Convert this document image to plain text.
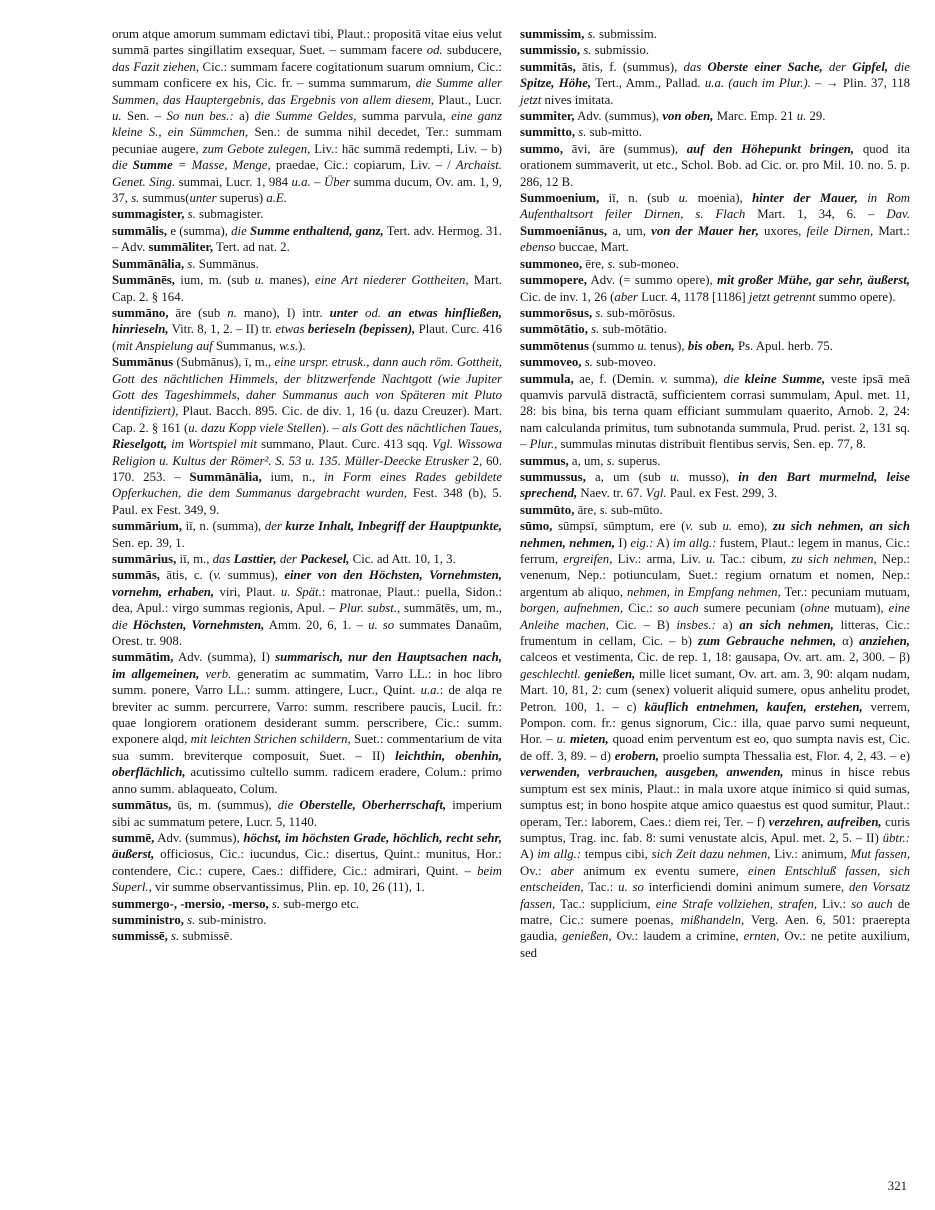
orum atque amorum summam edictavi tibi, Plaut.: propositā vitae eius velut summā partes singillatim exsequar, Suet. – summam facere od. subducere, das Fazit ziehen, Cic.: summam facere cogitationum suarum omnium, Cic.: summam conficere ex his, Cic. fr. – summa summarum, die Summe aller Summen, das Hauptergebnis, das Ergebnis von allem diesem, Plaut., Lucr. u. Sen. – So nun bes.: a) die Summe Geldes, summa parvula, eine ganz kleine S., ein Sümmchen, Sen.: de summa nihil decedet, Ter.: summam pecuniae augere, zum Gebote zulegen, Liv.: hāc summā redempti, Liv. – b) die Summe = Masse, Menge, praedae, Cic.: copiarum, Liv. – / Archaist. Genet. Sing. summai, Lucr. 1, 984 u.a. – Über summa ducum, Ov. am. 1, 9, 37, s. summus(unter superus) a.E.

summagister, s. submagister.

summālis, e (summa), die Summe enthaltend, ganz, Tert. adv. Hermog. 31. – Adv. summāliter, Tert. ad nat. 2.

Summānālia, s. Summānus.

Summānēs, ium, m. (sub u. manes), eine Art niederer Gottheiten, Mart. Cap. 2. § 164.

summāno, āre (sub n. mano), I) intr. unter od. an etwas hinfließen, hinrieseln, Vitr. 8, 1, 2. – II) tr. etwas berieseln (bepissen), Plaut. Curc. 416 (mit Anspielung auf Summanus, w.s.).

Summānus (Submānus), ī, m., eine urspr. etrusk., dann auch röm. Gottheit, Gott des nächtlichen Himmels, der blitzwerfende Nachtgott (wie Jupiter Gott des Tageshimmels, daher Summanus auch von Späteren mit Pluto identifiziert), Plaut. Bacch. 895. Cic. de div. 1, 16 (u. dazu Creuzer). Mart. Cap. 2. § 161 (u. dazu Kopp viele Stellen). – als Gott des nächtlichen Taues, Rieselgott, im Wortspiel mit summano, Plaut. Curc. 413 sqq. Vgl. Wissowa Religion u. Kultus der Römer². S. 53 u. 135. Müller-Deecke Etrusker 2, 60. 170. 253. – Summānālia, ium, n., in Form eines Rades gebildete Opferkuchen, die dem Summanus dargebracht wurden, Fest. 348 (b), 5. Paul. ex Fest. 349, 9.

summārium, iī, n. (summa), der kurze Inhalt, Inbegriff der Hauptpunkte, Sen. ep. 39, 1.

summārius, iī, m., das Lasttier, der Packesel, Cic. ad Att. 10, 1, 3.

summās, ātis, c. (v. summus), einer von den Höchsten, Vornehmsten, vornehm, erhaben, viri, Plaut. u. Spät.: matronae, Plaut.: puella, Sidon.: dea, Apul.: virgo summas regionis, Apul. – Plur. subst., summātēs, um, m., die Höchsten, Vornehmsten, Amm. 20, 6, 1. – u. so summates Danaûm, Orest. tr. 908.

summātim, Adv. (summa), I) summarisch, nur den Hauptsachen nach, im allgemeinen, verb. generatim ac summatim, Varro LL.: in hoc libro summ. ponere, Varro LL.: summ. attingere, Lucr., Quint. u.a.: de alqa re breviter ac summ. percurrere, Varro: summ. rescribere paucis, Lucil. fr.: quae longiorem orationem desiderant summ. perscribere, Cic.: summ. exponere alqd, mit leichten Strichen schildern, Suet.: commentarium de vita sua summ. breviterque composuit, Suet. – II) leichthin, obenhin, oberflächlich, acutissimo cultello summ. radicem eradere, Colum.: primo anno summ. ablaqueato, Colum.

summātus, ūs, m. (summus), die Oberstelle, Oberherrschaft, imperium sibi ac summatum petere, Lucr. 5, 1140.

summē, Adv. (summus), höchst, im höchsten Grade, höchlich, recht sehr, äußerst, officiosus, Cic.: iucundus, Cic.: disertus, Quint.: munitus, Hor.: contendere, Cic.: cupere, Caes.: diffidere, Cic.: admirari, Quint. – beim Superl., vir summe observantissimus, Plin. ep. 10, 26 (11), 1.

summergo-, -mersio, -merso, s. sub-mergo etc.

sumministro, s. sub-ministro.

summissē, s. submissē.

summissim, s. submissim.

summissio, s. submissio.

summitās, ātis, f. (summus), das Oberste einer Sache, der Gipfel, die Spitze, Höhe, Tert., Amm., Pallad. u.a. (auch im Plur.). – → Plin. 37, 118 jetzt nives imitata.

summiter, Adv. (summus), von oben, Marc. Emp. 21 u. 29.

summitto, s. sub-mitto.

summo, āvi, āre (summus), auf den Höhepunkt bringen, quod ita orationem summaverit, ut etc., Schol. Bob. ad Cic. or. pro Mil. 10. no. 5. p. 286, 12 B.

Summoenium, iī, n. (sub u. moenia), hinter der Mauer, in Rom Aufenthaltsort feiler Dirnen, s. Flach Mart. 1, 34, 6. – Dav. Summoeniānus, a, um, von der Mauer her, uxores, feile Dirnen, Mart.: ebenso buccae, Mart.

summoneo, ēre, s. sub-moneo.

summopere, Adv. (= summo opere), mit großer Mühe, gar sehr, äußerst, Cic. de inv. 1, 26 (aber Lucr. 4, 1178 [1186] jetzt getrennt summo opere).

summorōsus, s. sub-mōrōsus.

summōtātio, s. sub-mōtātio.

summōtenus (summo u. tenus), bis oben, Ps. Apul. herb. 75.

summoveo, s. sub-moveo.

summula, ae, f. (Demin. v. summa), die kleine Summe, veste ipsā meā quamvis parvulā distractā, sufficientem corrasi summulam, Apul. met. 11, 28: bis bina, bis terna quam efficiant summulam quaerito, Arnob. 2, 24: nam calculanda primitus, tum subnotanda summula, Prud. perist. 2, 131 sq. – Plur., summulas minutas distribuit flentibus servis, Sen. ep. 77, 8.

summus, a, um, s. superus.

summussus, a, um (sub u. musso), in den Bart murmelnd, leise sprechend, Naev. tr. 67. Vgl. Paul. ex Fest. 299, 3.

summūto, āre, s. sub-mūto.

sūmo, sūmpsī, sūmptum, ere (v. sub u. emo), zu sich nehmen, an sich nehmen, nehmen, I) eig.: A) im allg.: fustem, Plaut.: legem in manus, Cic.: ferrum, ergreifen, Liv.: arma, Liv. u. Tac.: cibum, zu sich nehmen, Nep.: venenum, Nep.: potiunculam, Suet.: regium ornatum et nomen, Nep.: argentum ab aliquo, nehmen, in Empfang nehmen, Ter.: pecuniam mutuam, borgen, aufnehmen, Cic.: so auch sumere pecuniam (ohne mutuam), eine Anleihe machen, Cic. – B) insbes.: a) an sich nehmen, litteras, Cic.: frumentum in cellam, Cic. – b) zum Gebrauche nehmen, α) anziehen, calceos et vestimenta, Cic. de rep. 1, 18: gausapa, Ov. art. am. 2, 300. – β) geschlechtl. genießen, mille licet sumant, Ov. art. am. 3, 90: alqam nudam, Mart. 10, 81, 2: cum (senex) voluerit aliquid sumere, opus anhelitu prodet, Petron. 100, 1. – c) käuflich entnehmen, kaufen, erstehen, verrem, Pompon. com. fr.: genus signorum, Cic.: illa, quae parvo sumi nequeunt, Hor. – u. mieten, quoad enim perventum est eo, quo sumpta navis est, Cic. de off. 3, 89. – d) erobern, proelio sumpta Thessalia est, Flor. 4, 2, 43. – e) verwenden, verbrauchen, ausgeben, anwenden, minus in hisce rebus sumptum est sex minis, Plaut.: in mala uxore atque inimico si quid sumas, sumptus est; in bono hospite atque amico quaestus est quod sumitur, Plaut.: operam, Ter.: laborem, Caes.: diem rei, Ter. – f) verzehren, aufreiben, curis sumptus, Trag. inc. fab. 8: sumi venustate alcis, Apul. met. 2, 5. – II) übtr.: A) im allg.: tempus cibi, sich Zeit dazu nehmen, Liv.: animum, Mut fassen, Ov.: aber animum ex eventu sumere, einen Entschluß fassen, sich entscheiden, Tac.: u. so interficiendi domini animum sumere, den Vorsatz fassen, Tac.: supplicium, eine Strafe vollziehen, strafen, Liv.: so auch de matre, Cic.: sumere poenas, mißhandeln, Verg. Aen. 6, 501: praerepta gaudia, genießen, Ov.: laudem a crimine, ernten, Ov.: ne petite auxilium, sed

321
